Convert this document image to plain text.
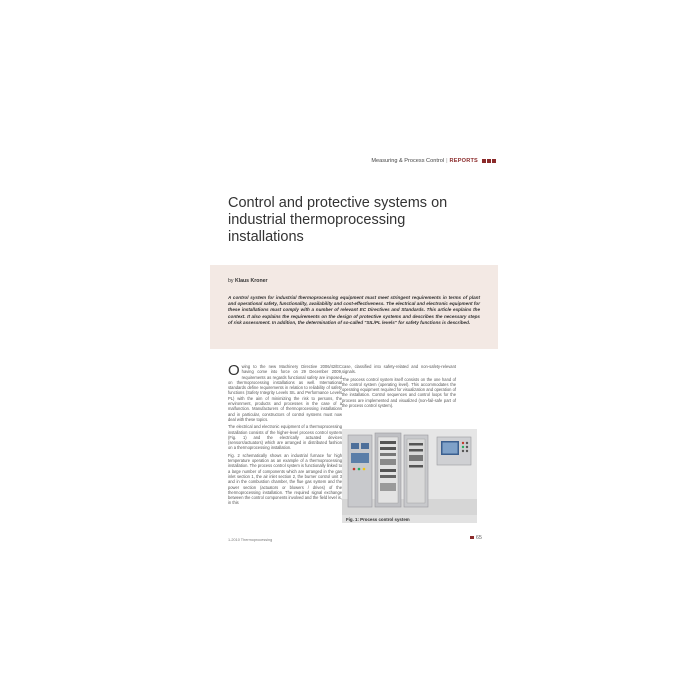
Measuring & Process Control | REPORTS
Control and protective systems on industrial thermoprocessing installations
by Klaus Kroner
A control system for industrial thermoprocessing equipment must meet stringent requirements in terms of plant and operational safety, functionality, availability and cost-effectiveness. The electrical and electronic equipment for these installations must comply with a number of relevant EC Directives and Standards. This article explains the context. It also explains the requirements on the design of protective systems and describes the necessary steps of risk assessment. In addition, the determination of so-called "SIL/PL levels" for safety functions is described.

Owing to the new Machinery Directive 2006/42/EC having come into force on 29 December 2009, requirements as regards functional safety are imposed on thermoprocessing installations as well. International standards define requirements in relation to reliability of safety functions (Safety Integrity Levels SIL and Performance Levels PL) with the aim of minimizing the risk to persons, the environment, products and processes in the case of a malfunction. Manufacturers of thermoprocessing installations and in particular, constructors of control systems must now deal with these topics.

The electrical and electronic equipment of a thermoprocessing installation consists of the higher-level process control system (Fig. 1) and the electrically actuated devices (sensors/actuators) which are arranged in distributed fashion on a thermoprocessing installation.

Fig. 2 schematically shows an industrial furnace for high temperature operation as an example of a thermoprocessing installation. The process control system is functionally linked to a large number of components which are arranged in the gas inlet section 1, the air inlet section 2, the burner control unit 3 and in the combustion chamber, the flue gas system and the power section (actuators or blowers / drives) of the thermoprocessing installation. The required signal exchange between the control components involved and the field level is, in this

case, classified into safety-related and non-safety-relevant signals.

The process control system itself consists on the one hand of the control system (operating level). This accommodates the operating equipment required for visualization and operation of the installation. Control sequences and control loops for the process are implemented and visualized (non-fail-safe part of the process control system).

Fig. 1: Process control system
1-2010 Thermoprocessing	65
